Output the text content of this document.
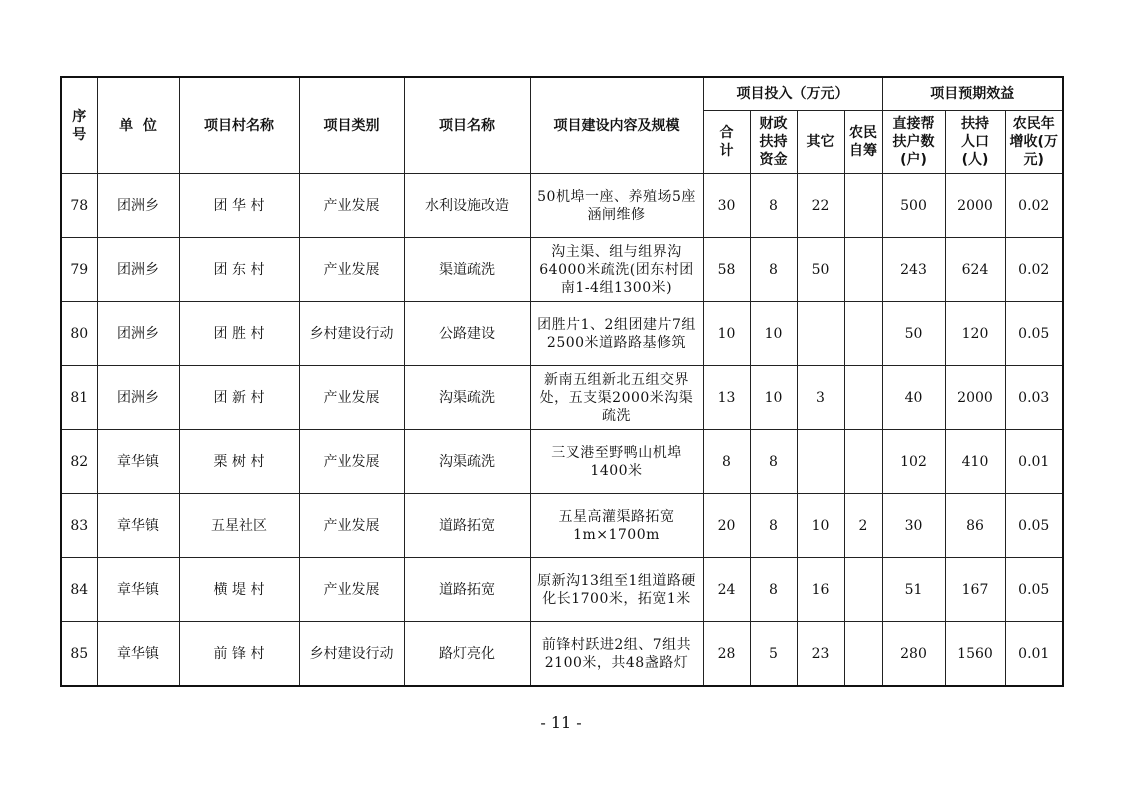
序号	单  位	项目村名称	项目类别	项目名称	项目建设内容及规模	项目投入（万元）				项目预期效益		
						合计	财政扶持资金	其它	农民自筹	直接帮扶户数(户)	扶持人口(人)	农民年增收(万元)
78	团洲乡	团 华 村	产业发展	水利设施改造	50机埠一座、养殖场5座涵闸维修	30	8	22		500	2000	0.02
79	团洲乡	团 东 村	产业发展	渠道疏洗	沟主渠、组与组界沟64000米疏洗(团东村团南1-4组1300米)	58	8	50		243	624	0.02
80	团洲乡	团 胜 村	乡村建设行动	公路建设	团胜片1、2组团建片7组2500米道路路基修筑	10	10			50	120	0.05
81	团洲乡	团 新 村	产业发展	沟渠疏洗	新南五组新北五组交界处，五支渠2000米沟渠疏洗	13	10	3		40	2000	0.03
82	章华镇	栗 树 村	产业发展	沟渠疏洗	三叉港至野鸭山机埠1400米	8	8			102	410	0.01
83	章华镇	五星社区	产业发展	道路拓宽	五星高灌渠路拓宽1m×1700m	20	8	10	2	30	86	0.05
84	章华镇	横 堤 村	产业发展	道路拓宽	原新沟13组至1组道路硬化长1700米，拓宽1米	24	8	16		51	167	0.05
85	章华镇	前 锋 村	乡村建设行动	路灯亮化	前锋村跃进2组、7组共2100米，共48盏路灯	28	5	23		280	1560	0.01
- 11 -
